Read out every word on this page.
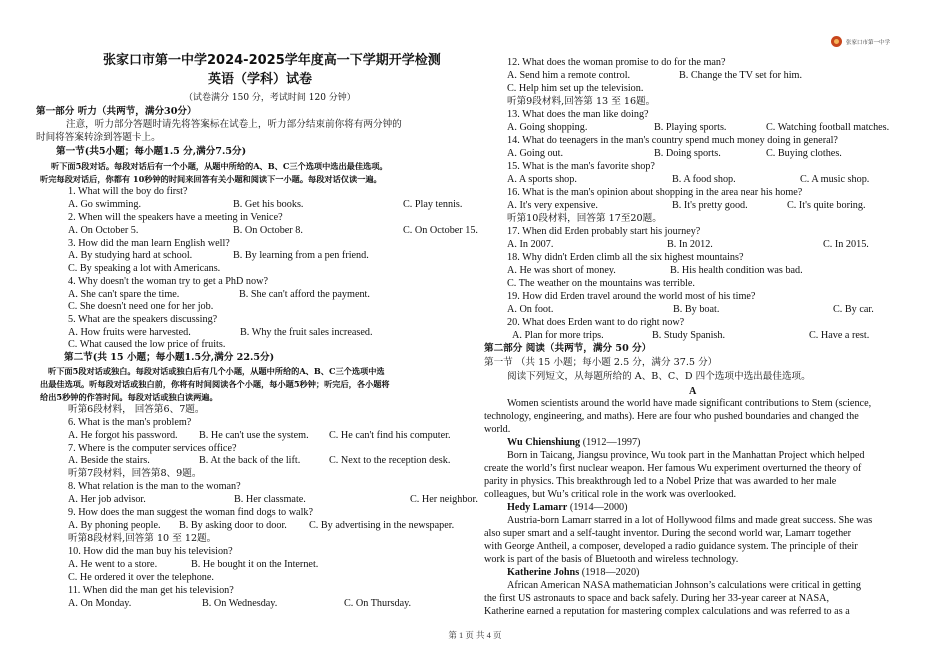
张家口市第一中学
张家口市第一中学2024-2025学年度高一下学期开学检测
英语（学科）试卷
（试卷满分 150 分，考试时间 120 分钟）
第一部分 听力（共两节，满分30分）
注意，听力部分答题时请先将答案标在试卷上，听力部分结束前你将有两分钟的
时间将答案转涂到答题卡上。
第一节(共5小题；每小题1.5 分,满分7.5分)
听下面5段对话。每段对话后有一个小题，从题中所给的A、B、C三个选项中选出最佳选项。
听完每段对话后，你都有 10秒钟的时间来回答有关小题和阅读下一小题。每段对话仅读一遍。
1. What will the boy do first?
A. Go swimming.	B. Get his books.	C. Play tennis.
2. When will the speakers have a meeting in Venice?
A. On October 5.	B. On October 8.	C. On October 15.
3. How did the man learn English well?
A. By studying hard at school.	B. By learning from a pen friend.
C. By speaking a lot with Americans.
4. Why doesn't the woman try to get a PhD now?
A. She can't spare the time.	B. She can't afford the payment.
C. She doesn't need one for her job.
5. What are the speakers discussing?
A. How fruits were harvested.	B. Why the fruit sales increased.
C. What caused the low price of fruits.
第二节(共 15 小题；每小题1.5分,满分 22.5分)
听下面5段对话或独白。每段对话或独白后有几个小题，从题中所给的A、B、C三个选项中选
出最佳选项。听每段对话或独白前，你将有时间阅读各个小题，每小题5秒钟；听完后，各小题将
给出5秒钟的作答时间。每段对话或独白读两遍。
听第6段材料， 回答第6、7题。
6. What is the man's problem?
A. He forgot his password.	B. He can't use the system.	C. He can't find his computer.
7. Where is the computer services office?
A. Beside the stairs.	B. At the back of the lift.	C. Next to the reception desk.
听第7段材料，回答第8、9题。
8. What relation is the man to the woman?
A. Her job advisor.	B. Her classmate.	C. Her neighbor.
9. How does the man suggest the woman find dogs to walk?
A. By phoning people.	B. By asking door to door.	C. By advertising in the newspaper.
听第8段材料,回答第 10 至 12题。
10. How did the man buy his television?
A. He went to a store.	B. He bought it on the Internet.
C. He ordered it over the telephone.
11. When did the man get his television?
A. On Monday.	B. On Wednesday.	C. On Thursday.
12. What does the woman promise to do for the man?
A. Send him a remote control.	B. Change the TV set for him.
C. Help him set up the television.
听第9段材料,回答第 13 至 16题。
13. What does the man like doing?
A. Going shopping.	B. Playing sports.	C. Watching football matches.
14. What do teenagers in the man's country spend much money doing in general?
A. Going out.	B. Doing sports.	C. Buying clothes.
15. What is the man's favorite shop?
A. A sports shop.	B. A food shop.	C. A music shop.
16. What is the man's opinion about shopping in the area near his home?
A. It's very expensive.	B. It's pretty good.	C. It's quite boring.
听第10段材料，回答第 17至20题。
17. When did Erden probably start his journey?
A. In 2007.	B. In 2012.	C. In 2015.
18. Why didn't Erden climb all the six highest mountains?
A. He was short of money.	B. His health condition was bad.
C. The weather on the mountains was terrible.
19. How did Erden travel around the world most of his time?
A. On foot.	B. By boat.	C. By car.
20. What does Erden want to do right now?
A. Plan for more trips.	B. Study Spanish.	C. Have a rest.
第二部分 阅读（共两节，满分 50 分）
第一节 （共 15 小题；每小题 2.5 分，满分 37.5 分）
阅读下列短文，从每题所给的 A、B、C、D 四个选项中选出最佳选项。
A
Women scientists around the world have made significant contributions to Stem (science,
technology, engineering, and maths). Here are four who pushed boundaries and changed the
world.
Wu Chienshiung (1912—1997)
Born in Taicang, Jiangsu province, Wu took part in the Manhattan Project which helped
create the world’s first nuclear weapon. Her famous Wu experiment overturned the theory of
parity in physics. This breakthrough led to a Nobel Prize that was awarded to her male
colleagues, but Wu’s critical role in the work was overlooked.
Hedy Lamarr (1914—2000)
Austria-born Lamarr starred in a lot of Hollywood films and made great success. She was
also super smart and a self-taught inventor. During the second world war, Lamarr together
with George Antheil, a composer, developed a radio guidance system. The principle of their
work is part of the basis of Bluetooth and wireless technology.
Katherine Johns (1918—2020)
African American NASA mathematician Johnson’s calculations were critical in getting
the first US astronauts to space and back safely. During her 33-year career at NASA,
Katherine earned a reputation for mastering complex calculations and was referred to as a
第 1 页 共 4 页
